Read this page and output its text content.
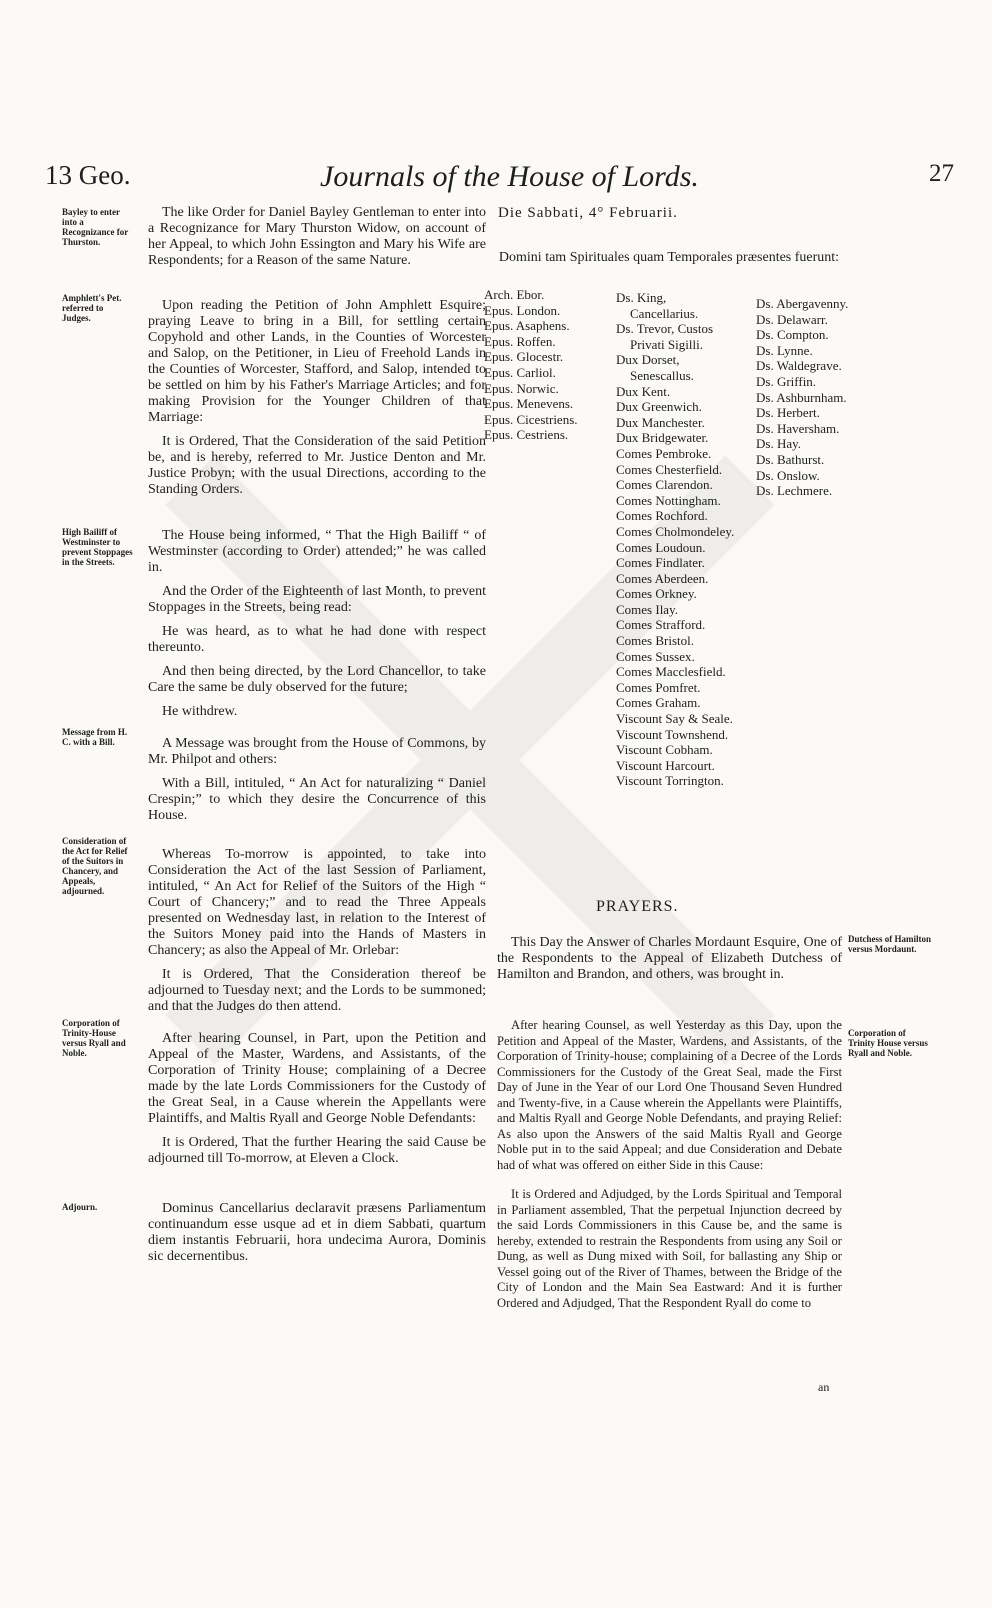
13 Geo.	Journals of the House of Lords.	27
Bayley to enter into a Recognizance for Thurston.
Amphlett's Pet. referred to Judges.
High Bailiff of Westminster to prevent Stoppages in the Streets.
Message from H. C. with a Bill.
Consideration of the Act for Relief of the Suitors in Chancery, and Appeals, adjourned.
Corporation of Trinity-House versus Ryall and Noble.
Adjourn.

The like Order for Daniel Bayley Gentleman to enter into a Recognizance for Mary Thurston Widow, on account of her Appeal, to which John Essington and Mary his Wife are Respondents; for a Reason of the same Nature.

Upon reading the Petition of John Amphlett Esquire; praying Leave to bring in a Bill, for settling certain Copyhold and other Lands, in the Counties of Worcester and Salop, on the Petitioner, in Lieu of Freehold Lands in the Counties of Worcester, Stafford, and Salop, intended to be settled on him by his Father's Marriage Articles; and for making Provision for the Younger Children of that Marriage:

It is Ordered, That the Consideration of the said Petition be, and is hereby, referred to Mr. Justice Denton and Mr. Justice Probyn; with the usual Directions, according to the Standing Orders.

The House being informed, “ That the High Bailiff “ of Westminster (according to Order) attended;” he was called in.

And the Order of the Eighteenth of last Month, to prevent Stoppages in the Streets, being read:

He was heard, as to what he had done with respect thereunto.

And then being directed, by the Lord Chancellor, to take Care the same be duly observed for the future;

He withdrew.

A Message was brought from the House of Commons, by Mr. Philpot and others:

With a Bill, intituled, “ An Act for naturalizing “ Daniel Crespin;” to which they desire the Concurrence of this House.

Whereas To-morrow is appointed, to take into Consideration the Act of the last Session of Parliament, intituled, “ An Act for Relief of the Suitors of the High “ Court of Chancery;” and to read the Three Appeals presented on Wednesday last, in relation to the Interest of the Suitors Money paid into the Hands of Masters in Chancery; as also the Appeal of Mr. Orlebar:

It is Ordered, That the Consideration thereof be adjourned to Tuesday next; and the Lords to be summoned; and that the Judges do then attend.

After hearing Counsel, in Part, upon the Petition and Appeal of the Master, Wardens, and Assistants, of the Corporation of Trinity House; complaining of a Decree made by the late Lords Commissioners for the Custody of the Great Seal, in a Cause wherein the Appellants were Plaintiffs, and Maltis Ryall and George Noble Defendants:

It is Ordered, That the further Hearing the said Cause be adjourned till To-morrow, at Eleven a Clock.

Dominus Cancellarius declaravit præsens Parliamentum continuandum esse usque ad et in diem Sabbati, quartum diem instantis Februarii, hora undecima Aurora, Dominis sic decernentibus.

Die Sabbati, 4° Februarii.

Domini tam Spirituales quam Temporales præsentes fuerunt:

Arch. Ebor.
Epus. London.
Epus. Asaphens.
Epus. Roffen.
Epus. Glocestr.
Epus. Carliol.
Epus. Norwic.
Epus. Menevens.
Epus. Cicestriens.
Epus. Cestriens.
Ds. King,
Cancellarius.
Ds. Trevor, Custos
Privati Sigilli.
Dux Dorset,
Senescallus.
Dux Kent.
Dux Greenwich.
Dux Manchester.
Dux Bridgewater.
Comes Pembroke.
Comes Chesterfield.
Comes Clarendon.
Comes Nottingham.
Comes Rochford.
Comes Cholmondeley.
Comes Loudoun.
Comes Findlater.
Comes Aberdeen.
Comes Orkney.
Comes Ilay.
Comes Strafford.
Comes Bristol.
Comes Sussex.
Comes Macclesfield.
Comes Pomfret.
Comes Graham.
Viscount Say & Seale.
Viscount Townshend.
Viscount Cobham.
Viscount Harcourt.
Viscount Torrington.
Ds. Abergavenny.
Ds. Delawarr.
Ds. Compton.
Ds. Lynne.
Ds. Waldegrave.
Ds. Griffin.
Ds. Ashburnham.
Ds. Herbert.
Ds. Haversham.
Ds. Hay.
Ds. Bathurst.
Ds. Onslow.
Ds. Lechmere.
PRAYERS.
Dutchess of Hamilton versus Mordaunt.
Corporation of Trinity House versus Ryall and Noble.

This Day the Answer of Charles Mordaunt Esquire, One of the Respondents to the Appeal of Elizabeth Dutchess of Hamilton and Brandon, and others, was brought in.

After hearing Counsel, as well Yesterday as this Day, upon the Petition and Appeal of the Master, Wardens, and Assistants, of the Corporation of Trinity-house; complaining of a Decree of the Lords Commissioners for the Custody of the Great Seal, made the First Day of June in the Year of our Lord One Thousand Seven Hundred and Twenty-five, in a Cause wherein the Appellants were Plaintiffs, and Maltis Ryall and George Noble Defendants, and praying Relief: As also upon the Answers of the said Maltis Ryall and George Noble put in to the said Appeal; and due Consideration and Debate had of what was offered on either Side in this Cause:

It is Ordered and Adjudged, by the Lords Spiritual and Temporal in Parliament assembled, That the perpetual Injunction decreed by the said Lords Commissioners in this Cause be, and the same is hereby, extended to restrain the Respondents from using any Soil or Dung, as well as Dung mixed with Soil, for ballasting any Ship or Vessel going out of the River of Thames, between the Bridge of the City of London and the Main Sea Eastward: And it is further Ordered and Adjudged, That the Respondent Ryall do come to

an
